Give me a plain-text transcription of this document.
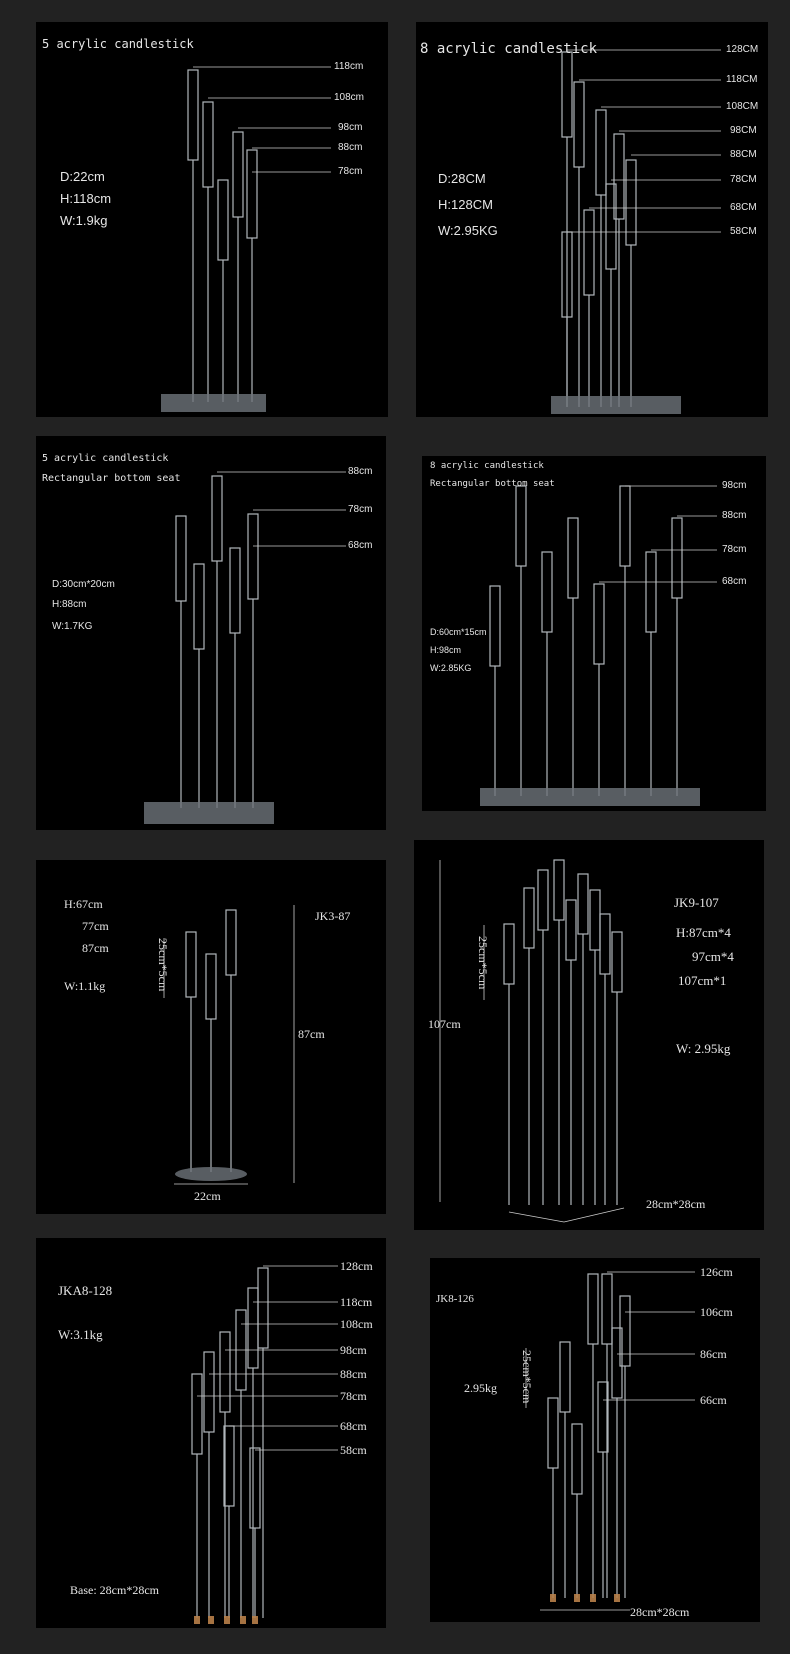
5 acrylic candlestick
D:22cm
H:118cm
W:1.9kg
118cm
108cm
98cm
88cm
78cm
8 acrylic candlestick
D:28CM
H:128CM
W:2.95KG
128CM
118CM
108CM
98CM
88CM
78CM
68CM
58CM
5 acrylic candlestick
Rectangular bottom seat
D:30cm*20cm
H:88cm
W:1.7KG
88cm
78cm
68cm
8 acrylic candlestick
Rectangular bottom seat
D:60cm*15cm
H:98cm
W:2.85KG
98cm
88cm
78cm
68cm
JK3-87
H:67cm
77cm
87cm
W:1.1kg	25cm*5cm
87cm
22cm
JK9-107
H:87cm*4
97cm*4
107cm*1
W: 2.95kg
25cm*5cm
107cm
28cm*28cm
JKA8-128
W:3.1kg
128cm
118cm
108cm
98cm
88cm
78cm
68cm
58cm
Base: 28cm*28cm
JK8-126
2.95kg 25cm*5cm
126cm
106cm
86cm
66cm
28cm*28cm
